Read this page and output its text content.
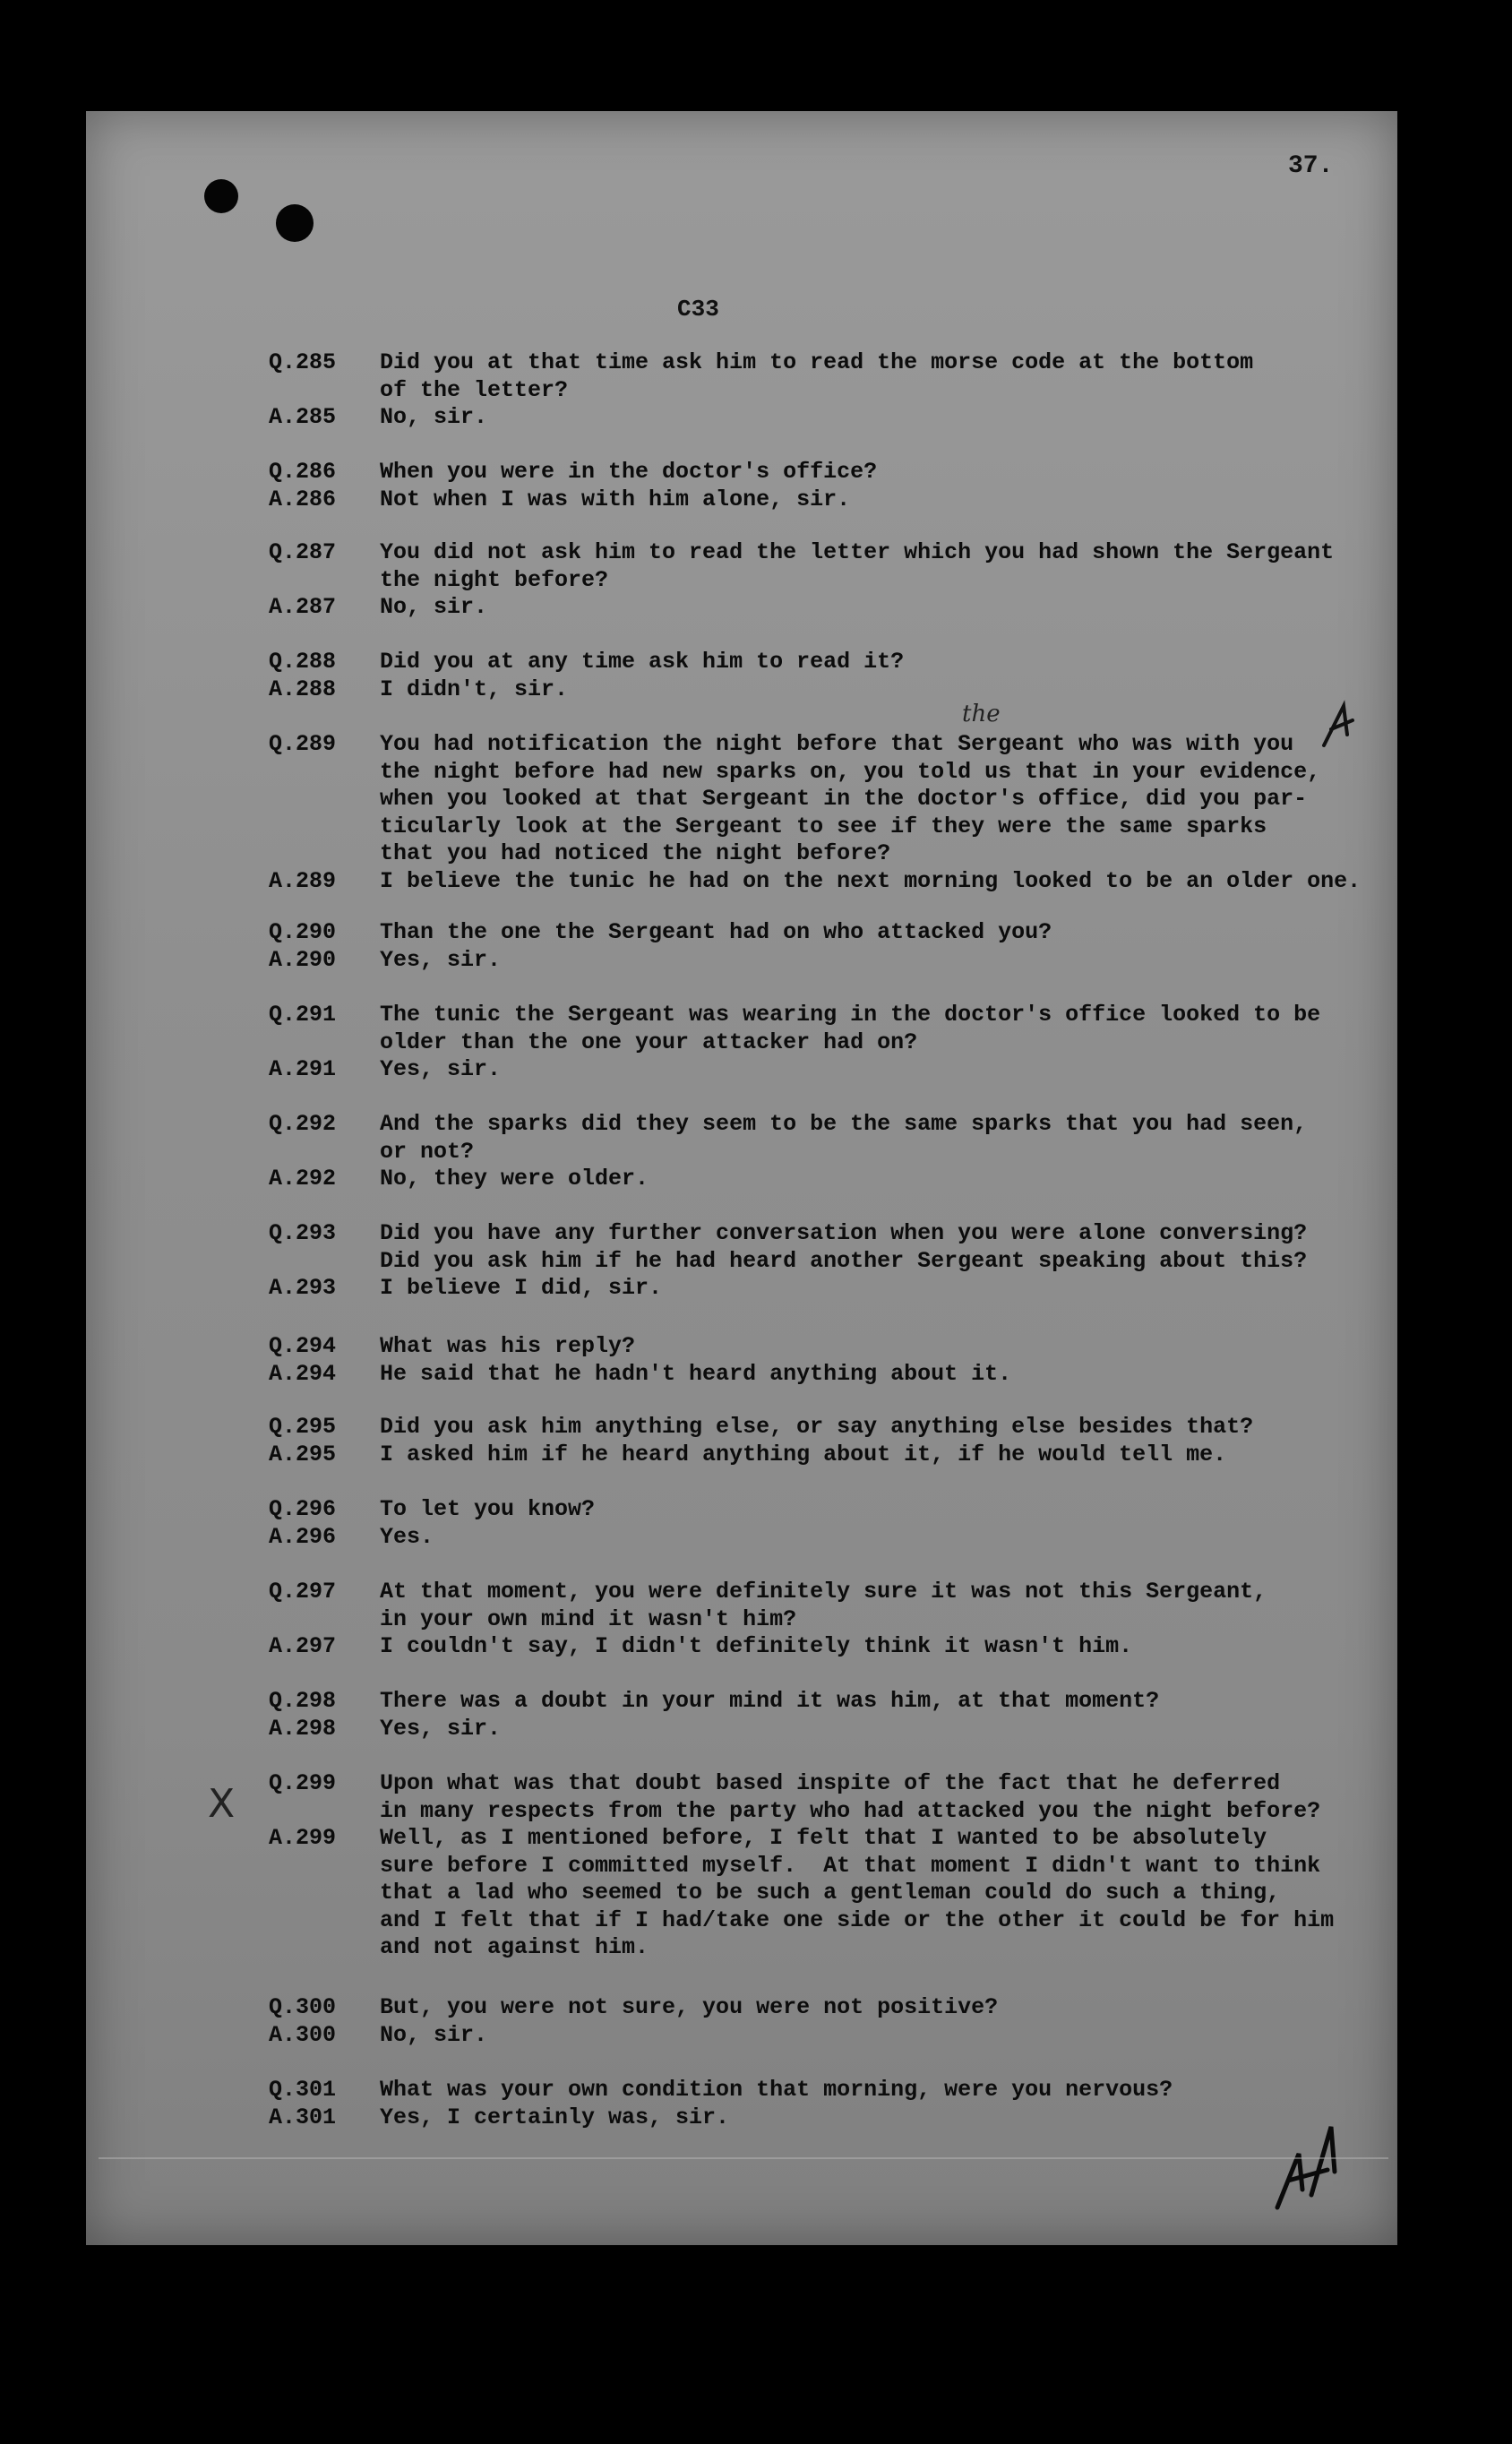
37.
C33
the
X
Q.285	Did you at that time ask him to read the morse code at the bottom
of the letter?
A.285	No, sir.
Q.286	When you were in the doctor's office?
A.286	Not when I was with him alone, sir.
Q.287	You did not ask him to read the letter which you had shown the Sergeant
the night before?
A.287	No, sir.
Q.288	Did you at any time ask him to read it?
A.288	I didn't, sir.
Q.289	You had notification the night before that Sergeant who was with you
the night before had new sparks on, you told us that in your evidence,
when you looked at that Sergeant in the doctor's office, did you par-
ticularly look at the Sergeant to see if they were the same sparks
that you had noticed the night before?
A.289	I believe the tunic he had on the next morning looked to be an older one.
Q.290	Than the one the Sergeant had on who attacked you?
A.290	Yes, sir.
Q.291	The tunic the Sergeant was wearing in the doctor's office looked to be
older than the one your attacker had on?
A.291	Yes, sir.
Q.292	And the sparks did they seem to be the same sparks that you had seen,
or not?
A.292	No, they were older.
Q.293	Did you have any further conversation when you were alone conversing?
Did you ask him if he had heard another Sergeant speaking about this?
A.293	I believe I did, sir.
Q.294	What was his reply?
A.294	He said that he hadn't heard anything about it.
Q.295	Did you ask him anything else, or say anything else besides that?
A.295	I asked him if he heard anything about it, if he would tell me.
Q.296	To let you know?
A.296	Yes.
Q.297	At that moment, you were definitely sure it was not this Sergeant,
in your own mind it wasn't him?
A.297	I couldn't say, I didn't definitely think it wasn't him.
Q.298	There was a doubt in your mind it was him, at that moment?
A.298	Yes, sir.
Q.299	Upon what was that doubt based inspite of the fact that he deferred
in many respects from the party who had attacked you the night before?
A.299	Well, as I mentioned before, I felt that I wanted to be absolutely
sure before I committed myself.  At that moment I didn't want to think
that a lad who seemed to be such a gentleman could do such a thing,
and I felt that if I had/take one side or the other it could be for him
and not against him.
Q.300	But, you were not sure, you were not positive?
A.300	No, sir.
Q.301	What was your own condition that morning, were you nervous?
A.301	Yes, I certainly was, sir.
